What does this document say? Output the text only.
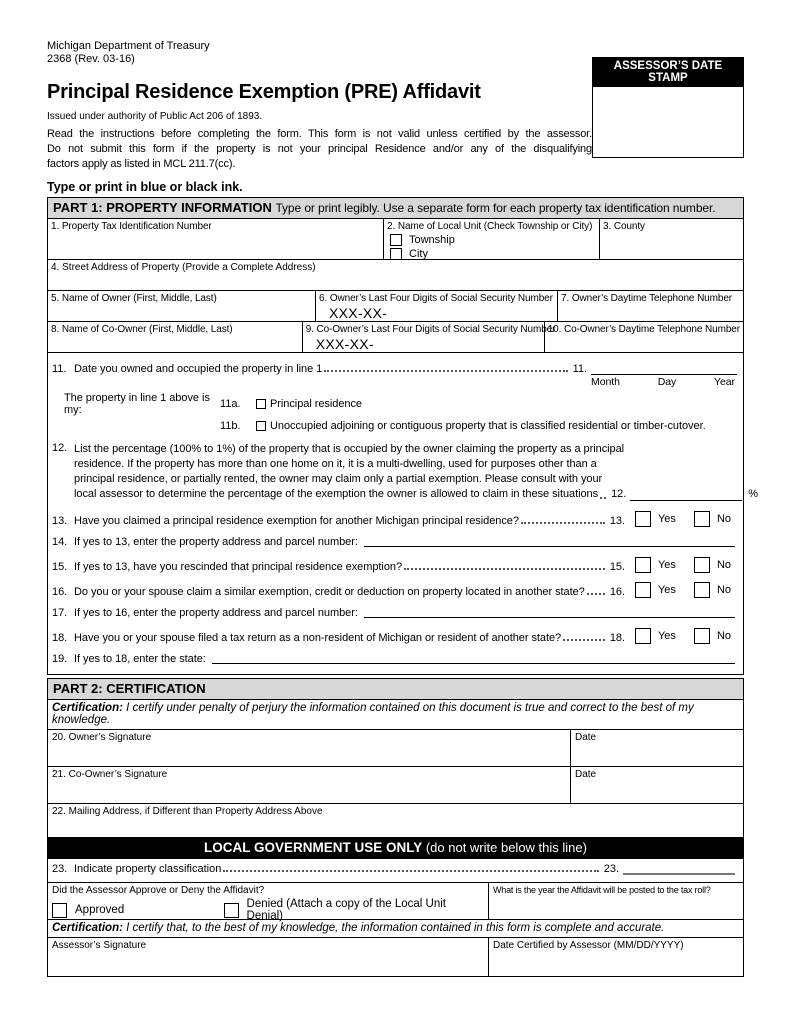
Michigan Department of Treasury
2368 (Rev. 03-16)
Principal Residence Exemption (PRE) Affidavit
Issued under authority of Public Act 206 of 1893.
Read the instructions before completing the form. This form is not valid unless certified by the assessor.
Do not submit this form if the property is not your principal Residence and/or any of the disqualifying
factors apply as listed in MCL 211.7(cc).
ASSESSOR’S DATE STAMP
Type or print in blue or black ink.
PART 1: PROPERTY INFORMATION Type or print legibly. Use a separate form for each property tax identification number.
1. Property Tax Identification Number	2. Name of Local Unit (Check Township or City)
Township
City
3. County
4. Street Address of Property (Provide a Complete Address)
5. Name of Owner (First, Middle, Last)	6. Owner’s Last Four Digits of Social Security Number
XXX-XX-
7. Owner’s Daytime Telephone Number
8. Name of Co-Owner (First, Middle, Last)	9. Co-Owner’s Last Four Digits of Social Security Number
XXX-XX-
10. Co-Owner’s Daytime Telephone Number
11. Date you owned and occupied the property in line 1	11.
Month	Day	Year
The property in line 1 above is my:	11a.	Principal residence
11b.	Unoccupied adjoining or contiguous property that is classified residential or timber-cutover.
12. List the percentage (100% to 1%) of the property that is occupied by the owner claiming the property as a principal
residence. If the property has more than one home on it, it is a multi-dwelling, used for purposes other than a
principal residence, or partially rented, the owner may claim only a partial exemption. Please consult with your
local assessor to determine the percentage of the exemption the owner is allowed to claim in these situations 12.	%
13. Have you claimed a principal residence exemption for another Michigan principal residence?	13.	Yes	No
14. If yes to 13, enter the property address and parcel number:
15. If yes to 13, have you rescinded that principal residence exemption?	15.	Yes	No
16. Do you or your spouse claim a similar exemption, credit or deduction on property located in another state? 16.	Yes	No
17. If yes to 16, enter the property address and parcel number:
18. Have you or your spouse filed a tax return as a non-resident of Michigan or resident of another state?	18.	Yes	No
19. If yes to 18, enter the state:
PART 2: CERTIFICATION
Certification: I certify under penalty of perjury the information contained on this document is true and correct to the best of my knowledge.
20. Owner’s Signature	Date
21. Co-Owner’s Signature	Date
22. Mailing Address, if Different than Property Address Above
LOCAL GOVERNMENT USE ONLY (do not write below this line)
23. Indicate property classification	23.
Did the Assessor Approve or Deny the Affidavit?
Approved	Denied (Attach a copy of the Local Unit Denial)
What is the year the Affidavit will be posted to the tax roll?
Certification: I certify that, to the best of my knowledge, the information contained in this form is complete and accurate.
Assessor’s Signature	Date Certified by Assessor (MM/DD/YYYY)
